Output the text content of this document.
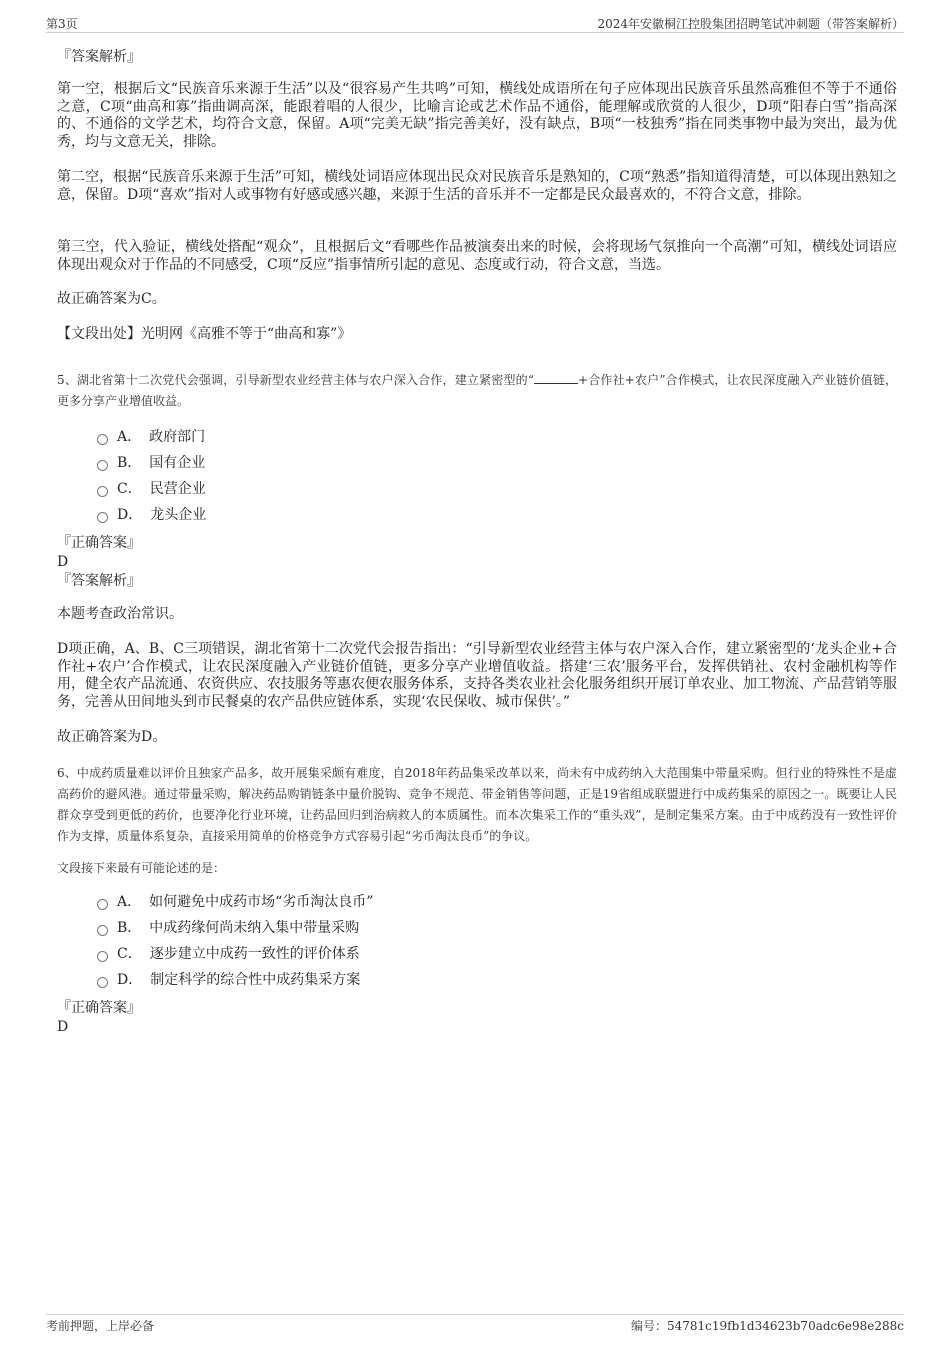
第3页	2024年安徽桐江控股集团招聘笔试冲刺题（带答案解析）
『答案解析』
第一空，根据后文“民族音乐来源于生活”以及“很容易产生共鸣”可知，横线处成语所在句子应体现出民族音乐虽然高雅但不等于不通俗之意，C项“曲高和寡”指曲调高深，能跟着唱的人很少，比喻言论或艺术作品不通俗，能理解或欣赏的人很少，D项“阳春白雪”指高深的、不通俗的文学艺术，均符合文意，保留。A项“完美无缺”指完善美好，没有缺点，B项“一枝独秀”指在同类事物中最为突出，最为优秀，均与文意无关，排除。
第二空，根据“民族音乐来源于生活”可知，横线处词语应体现出民众对民族音乐是熟知的，C项“熟悉”指知道得清楚，可以体现出熟知之意，保留。D项“喜欢”指对人或事物有好感或感兴趣，来源于生活的音乐并不一定都是民众最喜欢的，不符合文意，排除。
第三空，代入验证，横线处搭配“观众”，且根据后文“看哪些作品被演奏出来的时候，会将现场气氛推向一个高潮”可知，横线处词语应体现出观众对于作品的不同感受，C项“反应”指事情所引起的意见、态度或行动，符合文意，当选。
故正确答案为C。
【文段出处】光明网《高雅不等于“曲高和寡”》
5、湖北省第十二次党代会强调，引导新型农业经营主体与农户深入合作，建立紧密型的“	+合作社+农户”合作模式，让农民深度融入产业链价值链，更多分享产业增值收益。
A． 政府部门
B． 国有企业
C． 民营企业
D． 龙头企业
『正确答案』
D
『答案解析』
本题考查政治常识。
D项正确，A、B、C三项错误，湖北省第十二次党代会报告指出：“引导新型农业经营主体与农户深入合作，建立紧密型的‘龙头企业+合作社+农户’合作模式，让农民深度融入产业链价值链，更多分享产业增值收益。搭建‘三农’服务平台，发挥供销社、农村金融机构等作用，健全农产品流通、农资供应、农技服务等惠农便农服务体系，支持各类农业社会化服务组织开展订单农业、加工物流、产品营销等服务，完善从田间地头到市民餐桌的农产品供应链体系，实现‘农民保收、城市保供’。”
故正确答案为D。
6、中成药质量难以评价且独家产品多，故开展集采颇有难度，自2018年药品集采改革以来，尚未有中成药纳入大范围集中带量采购。但行业的特殊性不是虚高药价的避风港。通过带量采购，解决药品购销链条中量价脱钩、竞争不规范、带金销售等问题，正是19省组成联盟进行中成药集采的原因之一。既要让人民群众享受到更低的药价，也要净化行业环境，让药品回归到治病救人的本质属性。而本次集采工作的“重头戏”，是制定集采方案。由于中成药没有一致性评价作为支撑，质量体系复杂，直接采用简单的价格竞争方式容易引起“劣币淘汰良币”的争议。
文段接下来最有可能论述的是：
A． 如何避免中成药市场“劣币淘汰良币”
B． 中成药缘何尚未纳入集中带量采购
C． 逐步建立中成药一致性的评价体系
D． 制定科学的综合性中成药集采方案
『正确答案』
D
考前押题，上岸必备	编号：54781c19fb1d34623b70adc6e98e288c
